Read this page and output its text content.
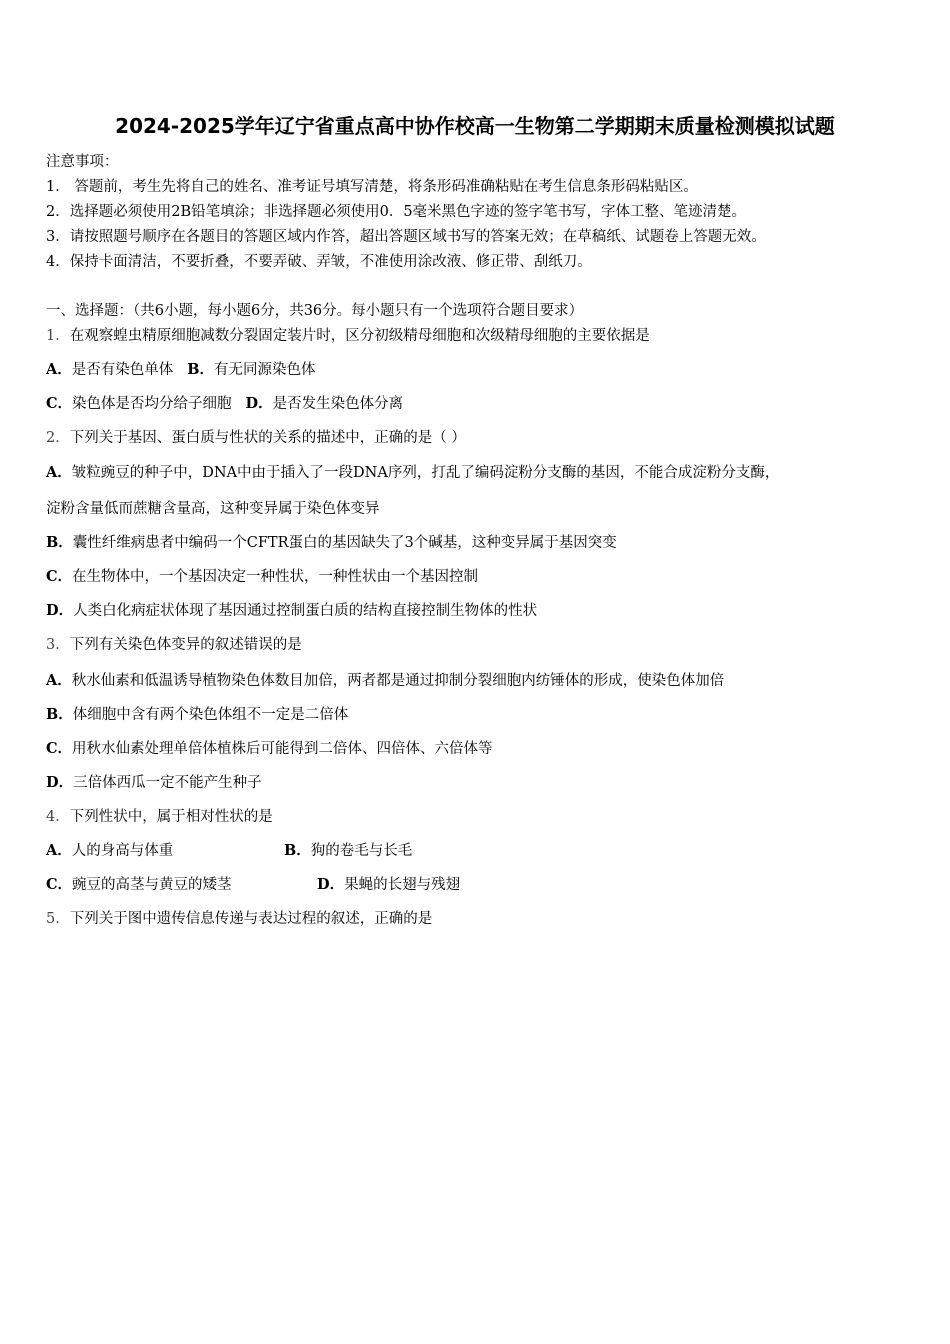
2024-2025学年辽宁省重点高中协作校高一生物第二学期期末质量检测模拟试题
注意事项：
1． 答题前，考生先将自己的姓名、准考证号填写清楚，将条形码准确粘贴在考生信息条形码粘贴区。
2．选择题必须使用2B铅笔填涂；非选择题必须使用0．5毫米黑色字迹的签字笔书写，字体工整、笔迹清楚。
3．请按照题号顺序在各题目的答题区域内作答，超出答题区域书写的答案无效；在草稿纸、试题卷上答题无效。
4．保持卡面清洁，不要折叠，不要弄破、弄皱，不准使用涂改液、修正带、刮纸刀。
一、选择题：（共6小题，每小题6分，共36分。每小题只有一个选项符合题目要求）
1．在观察蝗虫精原细胞减数分裂固定装片时，区分初级精母细胞和次级精母细胞的主要依据是
A．是否有染色单体 B．有无同源染色体
C．染色体是否均分给子细胞 D．是否发生染色体分离
2．下列关于基因、蛋白质与性状的关系的描述中，正确的是（ ）
A．皱粒豌豆的种子中，DNA中由于插入了一段DNA序列，打乱了编码淀粉分支酶的基因，不能合成淀粉分支酶，
淀粉含量低而蔗糖含量高，这种变异属于染色体变异
B．囊性纤维病患者中编码一个CFTR蛋白的基因缺失了3个碱基，这种变异属于基因突变
C．在生物体中，一个基因决定一种性状，一种性状由一个基因控制
D．人类白化病症状体现了基因通过控制蛋白质的结构直接控制生物体的性状
3．下列有关染色体变异的叙述错误的是
A．秋水仙素和低温诱导植物染色体数目加倍，两者都是通过抑制分裂细胞内纺锤体的形成，使染色体加倍
B．体细胞中含有两个染色体组不一定是二倍体
C．用秋水仙素处理单倍体植株后可能得到二倍体、四倍体、六倍体等
D．三倍体西瓜一定不能产生种子
4．下列性状中，属于相对性状的是
A．人的身高与体重	B．狗的卷毛与长毛
C．豌豆的高茎与黄豆的矮茎	D．果蝇的长翅与残翅
5．下列关于图中遗传信息传递与表达过程的叙述，正确的是
